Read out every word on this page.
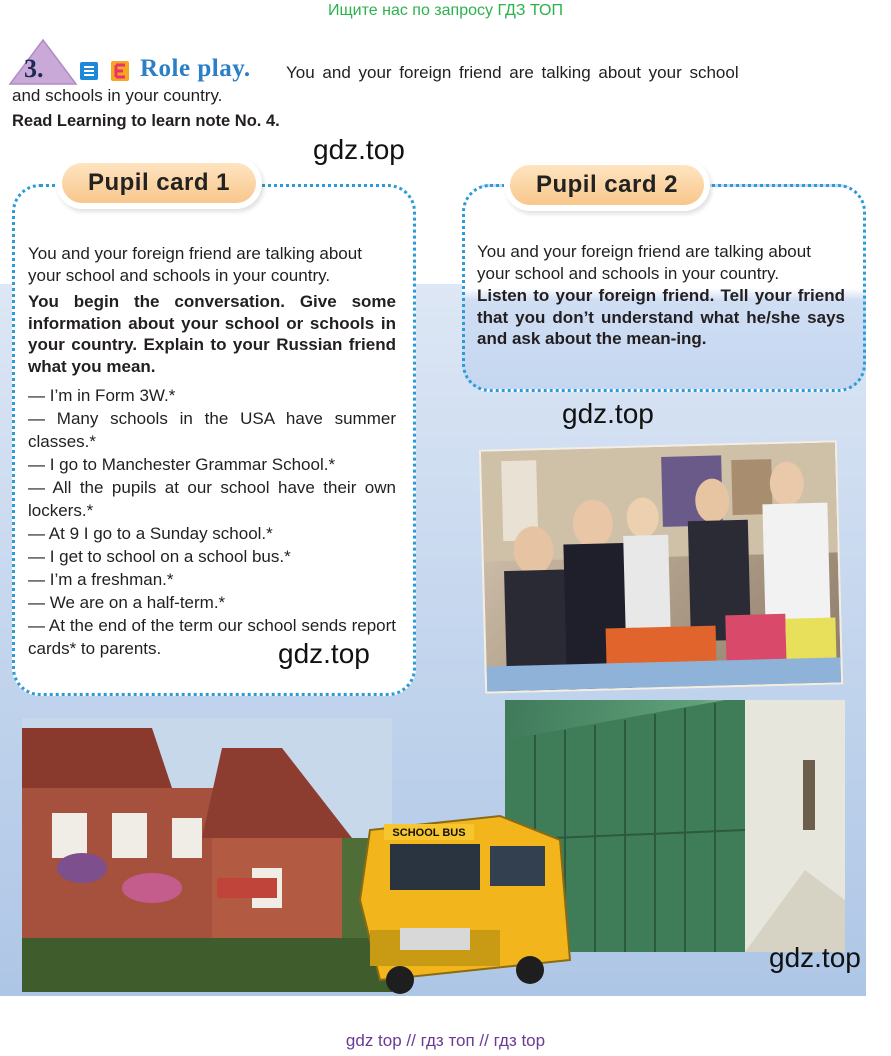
Ищите нас по запросу ГДЗ ТОП
3.	Role play. You and your foreign friend are talking about your school
and schools in your country.
Read Learning to learn note No. 4.
gdz.top
SCHOOL BUS
Pupil card 1
You and your foreign friend are talking about your school and schools in your country.
You begin the conversation. Give some information about your school or schools in your country. Explain to your Russian friend what you mean.
— I’m in Form 3W.*
— Many schools in the USA have summer classes.*
— I go to Manchester Grammar School.*
— All the pupils at our school have their own lockers.*
— At 9 I go to a Sunday school.*
— I get to school on a school bus.*
— I’m a freshman.*
— We are on a half-term.*
— At the end of the term our school sends report cards* to parents.	gdz.top
Pupil card 2
You and your foreign friend are talking about your school and schools in your country.
Listen to your foreign friend. Tell your friend that you don’t understand what he/she says and ask about the mean-ing.
gdz.top
gdz.top
gdz top // гдз топ // гдз top
